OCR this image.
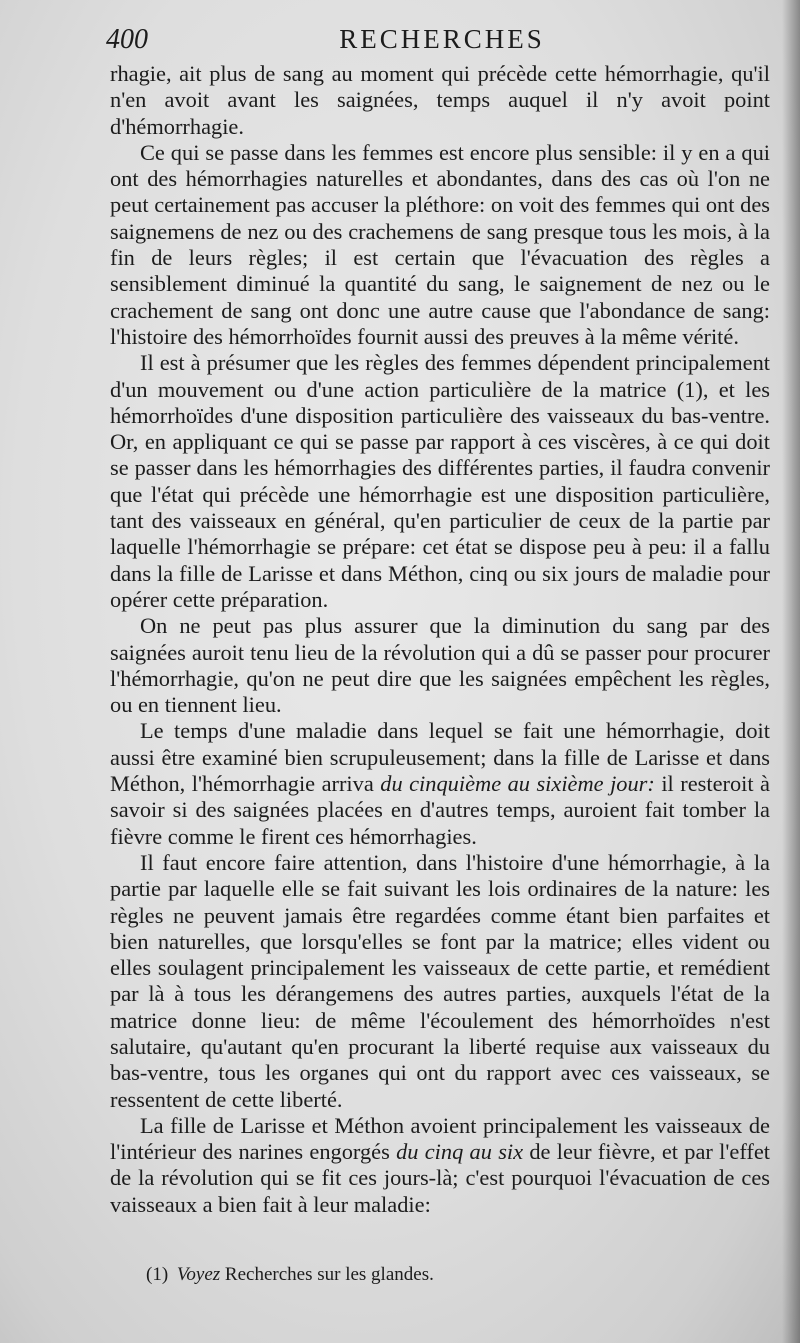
400	RECHERCHES

rhagie, ait plus de sang au moment qui précède cette hémorrhagie, qu'il n'en avoit avant les saignées, temps auquel il n'y avoit point d'hémorrhagie.

Ce qui se passe dans les femmes est encore plus sensible: il y en a qui ont des hémorrhagies naturelles et abondantes, dans des cas où l'on ne peut certainement pas accuser la pléthore: on voit des femmes qui ont des saignemens de nez ou des crachemens de sang presque tous les mois, à la fin de leurs règles; il est certain que l'évacuation des règles a sensiblement diminué la quantité du sang, le saignement de nez ou le crachement de sang ont donc une autre cause que l'abondance de sang: l'histoire des hémorrhoïdes fournit aussi des preuves à la même vérité.

Il est à présumer que les règles des femmes dépendent principalement d'un mouvement ou d'une action particulière de la matrice (1), et les hémorrhoïdes d'une disposition particulière des vaisseaux du bas-ventre. Or, en appliquant ce qui se passe par rapport à ces viscères, à ce qui doit se passer dans les hémorrhagies des différentes parties, il faudra convenir que l'état qui précède une hémorrhagie est une disposition particulière, tant des vaisseaux en général, qu'en particulier de ceux de la partie par laquelle l'hémorrhagie se prépare: cet état se dispose peu à peu: il a fallu dans la fille de Larisse et dans Méthon, cinq ou six jours de maladie pour opérer cette préparation.

On ne peut pas plus assurer que la diminution du sang par des saignées auroit tenu lieu de la révolution qui a dû se passer pour procurer l'hémorrhagie, qu'on ne peut dire que les saignées empêchent les règles, ou en tiennent lieu.

Le temps d'une maladie dans lequel se fait une hémorrhagie, doit aussi être examiné bien scrupuleusement; dans la fille de Larisse et dans Méthon, l'hémorrhagie arriva du cinquième au sixième jour: il resteroit à savoir si des saignées placées en d'autres temps, auroient fait tomber la fièvre comme le firent ces hémorrhagies.

Il faut encore faire attention, dans l'histoire d'une hémorrhagie, à la partie par laquelle elle se fait suivant les lois ordinaires de la nature: les règles ne peuvent jamais être regardées comme étant bien parfaites et bien naturelles, que lorsqu'elles se font par la matrice; elles vident ou elles soulagent principalement les vaisseaux de cette partie, et remédient par là à tous les dérangemens des autres parties, auxquels l'état de la matrice donne lieu: de même l'écoulement des hémorrhoïdes n'est salutaire, qu'autant qu'en procurant la liberté requise aux vaisseaux du bas-ventre, tous les organes qui ont du rapport avec ces vaisseaux, se ressentent de cette liberté.

La fille de Larisse et Méthon avoient principalement les vaisseaux de l'intérieur des narines engorgés du cinq au six de leur fièvre, et par l'effet de la révolution qui se fit ces jours-là; c'est pourquoi l'évacuation de ces vaisseaux a bien fait à leur maladie:

(1) Voyez Recherches sur les glandes.
